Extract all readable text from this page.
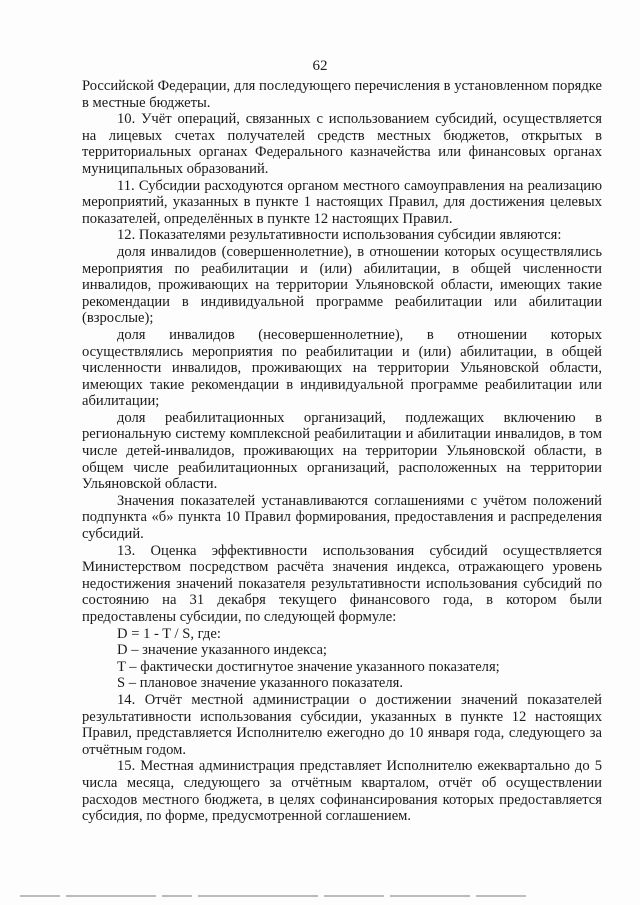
62

Российской Федерации, для последующего перечисления в установленном порядке в местные бюджеты.

10. Учёт операций, связанных с использованием субсидий, осуществляется на лицевых счетах получателей средств местных бюджетов, открытых в территориальных органах Федерального казначейства или финансовых органах муниципальных образований.

11. Субсидии расходуются органом местного самоуправления на реализацию мероприятий, указанных в пункте 1 настоящих Правил, для достижения целевых показателей, определённых в пункте 12 настоящих Правил.

12. Показателями результативности использования субсидии являются:

доля инвалидов (совершеннолетние), в отношении которых осуществлялись мероприятия по реабилитации и (или) абилитации, в общей численности инвалидов, проживающих на территории Ульяновской области, имеющих такие рекомендации в индивидуальной программе реабилитации или абилитации (взрослые);

доля инвалидов (несовершеннолетние), в отношении которых осуществлялись мероприятия по реабилитации и (или) абилитации, в общей численности инвалидов, проживающих на территории Ульяновской области, имеющих такие рекомендации в индивидуальной программе реабилитации или абилитации;

доля реабилитационных организаций, подлежащих включению в региональную систему комплексной реабилитации и абилитации инвалидов, в том числе детей-инвалидов, проживающих на территории Ульяновской области, в общем числе реабилитационных организаций, расположенных на территории Ульяновской области.

Значения показателей устанавливаются соглашениями с учётом положений подпункта «б» пункта 10 Правил формирования, предоставления и распределения субсидий.

13. Оценка эффективности использования субсидий осуществляется Министерством посредством расчёта значения индекса, отражающего уровень недостижения значений показателя результативности использования субсидий по состоянию на 31 декабря текущего финансового года, в котором были предоставлены субсидии, по следующей формуле:

D = 1 - T / S, где:

D – значение указанного индекса;

T – фактически достигнутое значение указанного показателя;

S – плановое значение указанного показателя.

14. Отчёт местной администрации о достижении значений показателей результативности использования субсидии, указанных в пункте 12 настоящих Правил, представляется Исполнителю ежегодно до 10 января года, следующего за отчётным годом.

15. Местная администрация представляет Исполнителю ежеквартально до 5 числа месяца, следующего за отчётным кварталом, отчёт об осуществлении расходов местного бюджета, в целях софинансирования которых предоставляется субсидия, по форме, предусмотренной соглашением.
